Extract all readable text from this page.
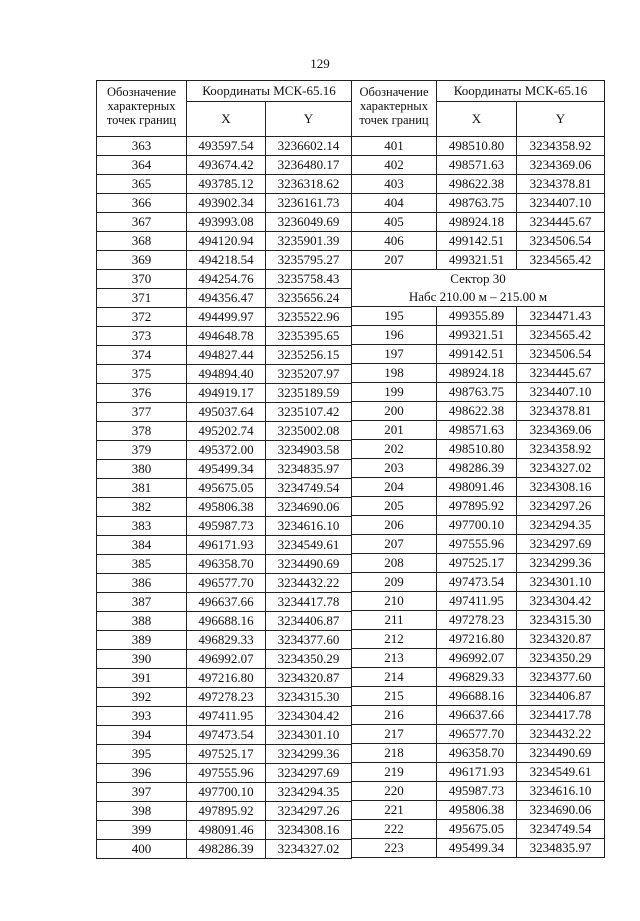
129
Обозначение характерных точек границ	Координаты МСК-65.16	
	X	Y
363	493597.54	3236602.14
364	493674.42	3236480.17
365	493785.12	3236318.62
366	493902.34	3236161.73
367	493993.08	3236049.69
368	494120.94	3235901.39
369	494218.54	3235795.27
370	494254.76	3235758.43
371	494356.47	3235656.24
372	494499.97	3235522.96
373	494648.78	3235395.65
374	494827.44	3235256.15
375	494894.40	3235207.97
376	494919.17	3235189.59
377	495037.64	3235107.42
378	495202.74	3235002.08
379	495372.00	3234903.58
380	495499.34	3234835.97
381	495675.05	3234749.54
382	495806.38	3234690.06
383	495987.73	3234616.10
384	496171.93	3234549.61
385	496358.70	3234490.69
386	496577.70	3234432.22
387	496637.66	3234417.78
388	496688.16	3234406.87
389	496829.33	3234377.60
390	496992.07	3234350.29
391	497216.80	3234320.87
392	497278.23	3234315.30
393	497411.95	3234304.42
394	497473.54	3234301.10
395	497525.17	3234299.36
396	497555.96	3234297.69
397	497700.10	3234294.35
398	497895.92	3234297.26
399	498091.46	3234308.16
400	498286.39	3234327.02
Обозначение характерных точек границ	Координаты МСК-65.16	
	X	Y
401	498510.80	3234358.92
402	498571.63	3234369.06
403	498622.38	3234378.81
404	498763.75	3234407.10
405	498924.18	3234445.67
406	499142.51	3234506.54
207	499321.51	3234565.42
Сектор 30		
Набс 210.00 м – 215.00 м		
195	499355.89	3234471.43
196	499321.51	3234565.42
197	499142.51	3234506.54
198	498924.18	3234445.67
199	498763.75	3234407.10
200	498622.38	3234378.81
201	498571.63	3234369.06
202	498510.80	3234358.92
203	498286.39	3234327.02
204	498091.46	3234308.16
205	497895.92	3234297.26
206	497700.10	3234294.35
207	497555.96	3234297.69
208	497525.17	3234299.36
209	497473.54	3234301.10
210	497411.95	3234304.42
211	497278.23	3234315.30
212	497216.80	3234320.87
213	496992.07	3234350.29
214	496829.33	3234377.60
215	496688.16	3234406.87
216	496637.66	3234417.78
217	496577.70	3234432.22
218	496358.70	3234490.69
219	496171.93	3234549.61
220	495987.73	3234616.10
221	495806.38	3234690.06
222	495675.05	3234749.54
223	495499.34	3234835.97
